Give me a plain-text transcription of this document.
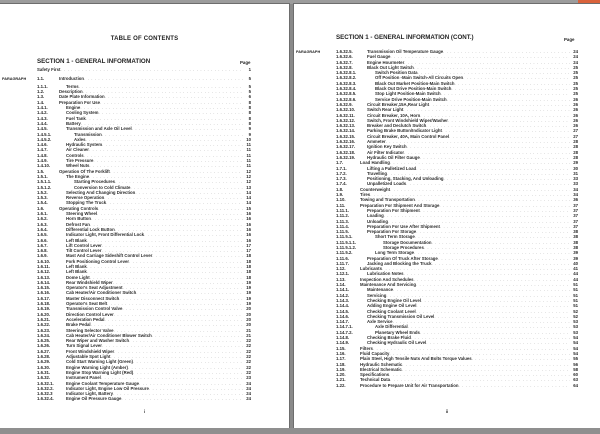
TABLE OF CONTENTS
SECTION 1 - GENERAL INFORMATION	Page
Safety First . . .	1
PARAGRAPH	1.1.	Introduction . . .	5
1.1.1.	Terms . . .	5
1.2.	Description . . .	5
1.3.	Date Plate Information . . .	6
1.4.	Preparation For Use . . .	8
1.4.1.	Engine . . .	8
1.4.2.	Cooling System . . .	8
1.4.3.	Fuel Tank . . .	8
1.4.4.	Battery . . .	8
1.4.5.	Transmission and Axle Oil Level . . .	9
1.4.5.1.	Transmission . . .	9
1.4.5.2.	Axles . . .	10
1.4.6.	Hydraulic System . . .	11
1.4.7.	Air Cleaner . . .	11
1.4.8.	Controls . . .	11
1.4.9.	Tire Pressure . . .	11
1.4.10.	Wheel Nuts . . .	11
1.5.	Operation Of The Forklift . . .	12
1.5.1.	The Engine . . .	12
1.5.1.1.	Starting Procedures . . .	12
1.5.1.2.	Conversion to Cold Climate . . .	13
1.5.2.	Selecting And Changing Direction . . .	14
1.5.3.	Reverse Operation . . .	14
1.5.4.	Stopping The Truck . . .	14
1.6.	Operating Controls . . .	15
1.6.1.	Steering Wheel . . .	16
1.6.2.	Horn Button . . .	16
1.6.3.	Defrost Fan . . .	16
1.6.4.	Differential Lock Button . . .	16
1.6.5.	Indicator Light, Front Differential Lock . . .	16
1.6.6.	Left Blank . . .	16
1.6.7.	Lift Control Lever . . .	17
1.6.8.	Tilt Control Lever . . .	17
1.6.9.	Mast And Carriage Sideshift Control Lever . . .	18
1.6.10.	Fork Positioning Control Lever . . .	18
1.6.11.	Left Blank . . .	18
1.6.12.	Left Blank . . .	18
1.6.13.	Dome Light . . .	18
1.6.14.	Rear Windshield Wiper . . .	19
1.6.15.	Operator's Seat Adjustment . . .	19
1.6.16.	Cab Heater/Air Conditioner Switch . . .	19
1.6.17.	Master Disconnect Switch . . .	19
1.6.18.	Operator's Seat Belt . . .	19
1.6.19.	Transmission Control Valve . . .	20
1.6.20.	Direction Control Lever . . .	20
1.6.21.	Acceleration Pedal . . .	20
1.6.22.	Brake Pedal . . .	20
1.6.23.	Steering Selector Valve . . .	21
1.6.24.	Cab Heater/Air Conditioner Blower Switch . . .	21
1.6.25.	Rear Wiper and Washer Switch . . .	22
1.6.26.	Turn Signal Lever . . .	22
1.6.27.	Front Windshield Wiper . . .	22
1.6.28.	Adjustable Spot Light . . .	22
1.6.29.	Cold Start Warning Light (Green) . . .	22
1.6.30.	Engine Warning Light (Amber) . . .	22
1.6.31.	Engine Stop Warning Light (Red) . . .	22
1.6.32.	Instrument Panel . . .	23
1.6.32.1.	Engine Coolant Temperature Gauge . . .	24
1.6.32.2.	Indicator Light, Engine Low Oil Pressure . . .	24
1.6.32.3	Indicator Light, Battery . . .	24
1.6.32.4.	Engine Oil Pressure Gauge . . .	24
i
SECTION 1 - GENERAL INFORMATION (CONT.)	Page
PARAGRAPH	1.6.32.5.	Transmission Oil Temperature Gauge . . .	24
1.6.32.6.	Fuel Gauge . . .	24
1.6.32.7.	Engine Hourmeter . . .	24
1.6.32.8.	Black Out Light Switch . . .	25
1.6.32.8.1.	Switch Position Data . . .	25
1.6.32.8.2.	Off Position -Main Switch-All Circuits Open . . .	25
1.6.32.8.3.	Black Out Market Position-Main Switch . . .	25
1.6.32.8.4.	Black Out Drive Position-Main Switch . . .	25
1.6.32.8.5.	Stop Light Position-Main Switch . . .	25
1.6.32.8.6.	Service Drive Position-Main Switch . . .	26
1.6.32.9.	Circuit Breaker,15A,Rear Light . . .	26
1.6.32.10.	Switch Rear Light . . .	26
1.6.32.11.	Circuit Breaker, 10A, Horn . . .	26
1.6.32.12.	Switch, Front Windshield Wiper/Washer . . .	26
1.6.32.13.	Breaker and Declutch Switch . . .	26
1.6.32.14.	Parking Brake Button/Indicator Light . . .	27
1.6.32.15.	Circuit Breaker, 40A, Main Control Panel . . .	27
1.6.32.16.	Ammeter . . .	28
1.6.32.17.	Ignition Key Switch . . .	28
1.6.32.18.	Air Filter Indicator . . .	28
1.6.32.19.	Hydraulic Oil Filter Gauge . . .	28
1.7.	Load Handling . . .	29
1.7.1.	Lifting a Palletized Load . . .	30
1.7.2.	Travelling . . .	31
1.7.3.	Positioning, Stacking, And Unloading . . .	33
1.7.4.	Unpalletized Loads . . .	33
1.8.	Counterweight . . .	34
1.9.	Tires . . .	34
1.10.	Towing and Transportation . . .	36
1.11.	Preparation For Shipment And Storage . . .	37
1.11.1.	Preparation For Shipment . . .	37
1.11.2.	Loading . . .	37
1.11.3.	Unloading . . .	37
1.11.4.	Preparation For Use After Shipment . . .	37
1.11.5.	Preparation For Storage . . .	38
1.11.5.1.	Short Term Storage . . .	38
1.11.5.1.1.	Storage Documentation . . .	38
1.11.5.1.2.	Storage Procedures . . .	38
1.11.5.2.	Long Term Storage . . .	39
1.11.6.	Preparation Of Truck After Storage . . .	39
1.11.7.	Jacking and Blocking the Truck . . .	40
1.12.	Lubricants . . .	41
1.12.1.	Lubrication Notes . . .	44
1.13.	Inspection And Schedules . . .	44
1.14.	Maintenance And Servicing . . .	51
1.14.1.	Maintenance . . .	51
1.14.2.	Servicing . . .	51
1.14.3.	Checking Engine Oil Level . . .	51
1.14.4.	Adding Engine Oil Level . . .	51
1.14.5.	Checking Coolant Level . . .	52
1.14.6.	Checking Transmission Oil Level . . .	52
1.14.7.	Axle Service . . .	53
1.14.7.1.	Axle Differential . . .	53
1.14.7.2.	Planetary Wheel Ends . . .	53
1.14.8.	Checking Brake Fluid . . .	54
1.14.9.	Checking Hydraulic Oil Level . . .	54
1.15.	Filters . . .	54
1.16.	Fluid Capacity . . .	54
1.17.	Plain Steel, High Tensile Nuts And Bolts Torque Values . . .	55
1.18.	Hydraulic Schematic . . .	56
1.19.	Electrical Schematic . . .	58
1.20.	Specifications . . .	60
1.21.	Technical Data . . .	63
1.22.	Procedure to Prepare Unit for Air Transportation . . .	64
ii
